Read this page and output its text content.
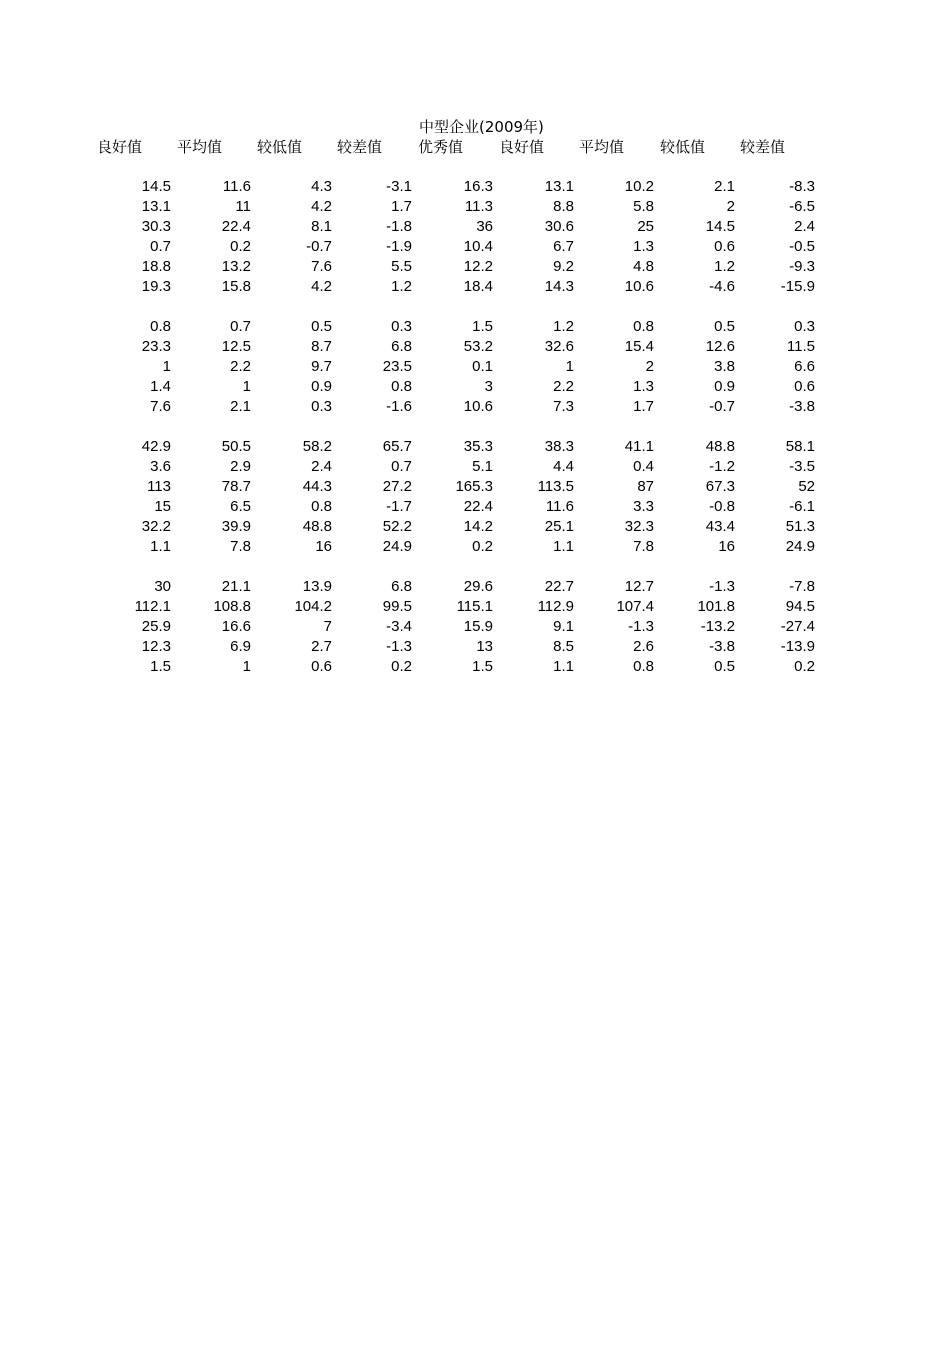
中型企业(2009年)
良好值 平均值 较低值 较差值 优秀值 良好值 平均值 较低值 较差值
14.5	11.6	4.3	-3.1	16.3	13.1	10.2	2.1	-8.3
13.1	11	4.2	1.7	11.3	8.8	5.8	2	-6.5
30.3	22.4	8.1	-1.8	36	30.6	25	14.5	2.4
0.7	0.2	-0.7	-1.9	10.4	6.7	1.3	0.6	-0.5
18.8	13.2	7.6	5.5	12.2	9.2	4.8	1.2	-9.3
19.3	15.8	4.2	1.2	18.4	14.3	10.6	-4.6	-15.9
0.8	0.7	0.5	0.3	1.5	1.2	0.8	0.5	0.3
23.3	12.5	8.7	6.8	53.2	32.6	15.4	12.6	11.5
1	2.2	9.7	23.5	0.1	1	2	3.8	6.6
1.4	1	0.9	0.8	3	2.2	1.3	0.9	0.6
7.6	2.1	0.3	-1.6	10.6	7.3	1.7	-0.7	-3.8
42.9	50.5	58.2	65.7	35.3	38.3	41.1	48.8	58.1
3.6	2.9	2.4	0.7	5.1	4.4	0.4	-1.2	-3.5
113	78.7	44.3	27.2	165.3	113.5	87	67.3	52
15	6.5	0.8	-1.7	22.4	11.6	3.3	-0.8	-6.1
32.2	39.9	48.8	52.2	14.2	25.1	32.3	43.4	51.3
1.1	7.8	16	24.9	0.2	1.1	7.8	16	24.9
30	21.1	13.9	6.8	29.6	22.7	12.7	-1.3	-7.8
112.1	108.8	104.2	99.5	115.1	112.9	107.4	101.8	94.5
25.9	16.6	7	-3.4	15.9	9.1	-1.3	-13.2	-27.4
12.3	6.9	2.7	-1.3	13	8.5	2.6	-3.8	-13.9
1.5	1	0.6	0.2	1.5	1.1	0.8	0.5	0.2
